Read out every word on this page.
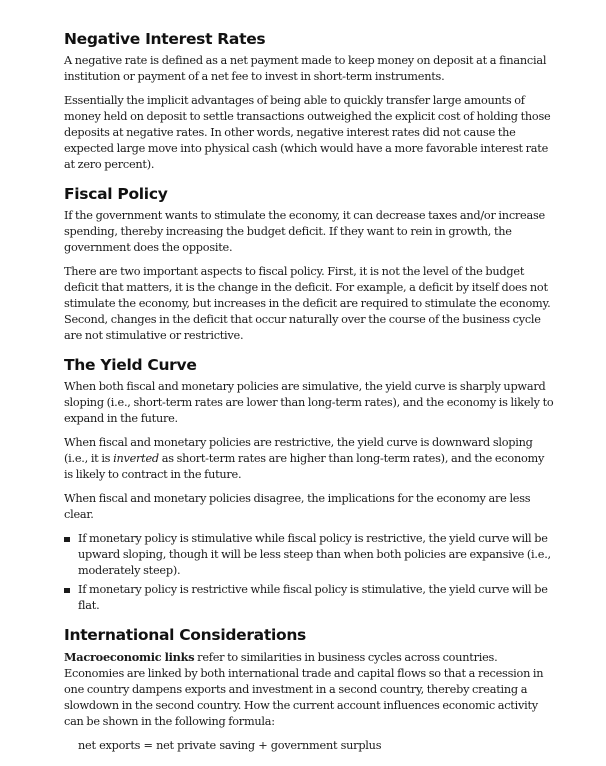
Negative Interest Rates

A negative rate is defined as a net payment made to keep money on deposit at a financial institution or payment of a net fee to invest in short-term instruments.

Essentially the implicit advantages of being able to quickly transfer large amounts of money held on deposit to settle transactions outweighed the explicit cost of holding those deposits at negative rates. In other words, negative interest rates did not cause the expected large move into physical cash (which would have a more favorable interest rate at zero percent).

Fiscal Policy

If the government wants to stimulate the economy, it can decrease taxes and/or increase spending, thereby increasing the budget deficit. If they want to rein in growth, the government does the opposite.

There are two important aspects to fiscal policy. First, it is not the level of the budget deficit that matters, it is the change in the deficit. For example, a deficit by itself does not stimulate the economy, but increases in the deficit are required to stimulate the economy. Second, changes in the deficit that occur naturally over the course of the business cycle are not stimulative or restrictive.

The Yield Curve

When both fiscal and monetary policies are simulative, the yield curve is sharply upward sloping (i.e., short-term rates are lower than long-term rates), and the economy is likely to expand in the future.

When fiscal and monetary policies are restrictive, the yield curve is downward sloping (i.e., it is inverted as short-term rates are higher than long-term rates), and the economy is likely to contract in the future.

When fiscal and monetary policies disagree, the implications for the economy are less clear.

If monetary policy is stimulative while fiscal policy is restrictive, the yield curve will be upward sloping, though it will be less steep than when both policies are expansive (i.e., moderately steep).
If monetary policy is restrictive while fiscal policy is stimulative, the yield curve will be flat.
International Considerations

Macroeconomic links refer to similarities in business cycles across countries. Economies are linked by both international trade and capital flows so that a recession in one country dampens exports and investment in a second country, thereby creating a slowdown in the second country. How the current account influences economic activity can be shown in the following formula:

net exports = net private saving + government surplus
